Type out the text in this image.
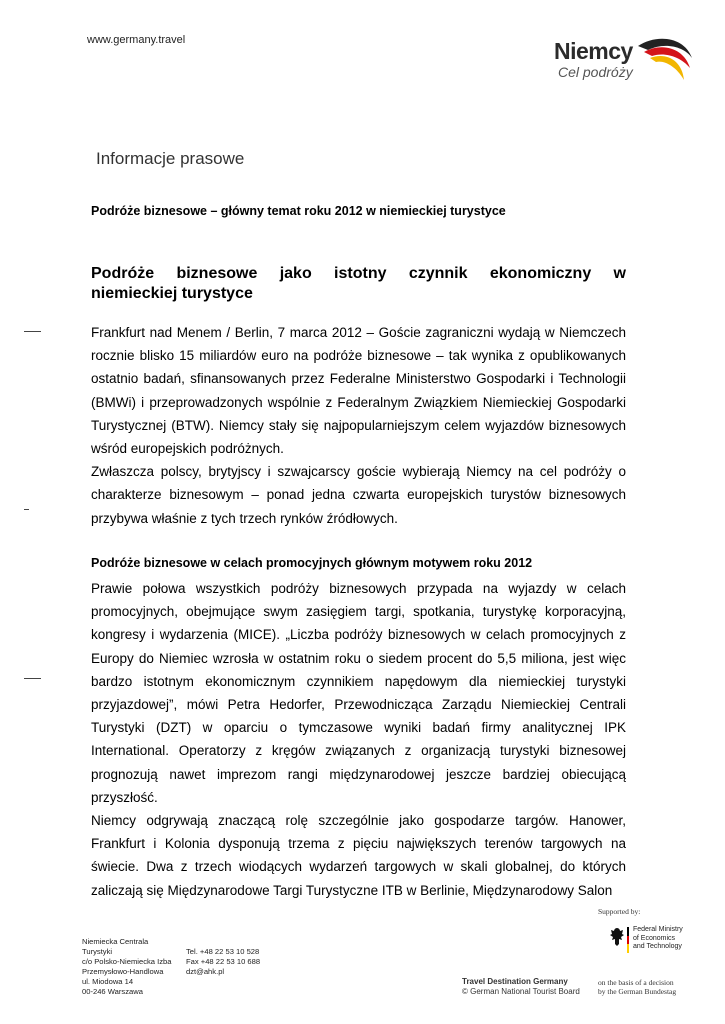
www.germany.travel	Niemcy
Cel podróży
Informacje prasowe
Podróże biznesowe – główny temat roku 2012 w niemieckiej turystyce
Podróże biznesowe jako istotny czynnik ekonomiczny w
niemieckiej turystyce
Frankfurt nad Menem / Berlin, 7 marca 2012 – Goście zagraniczni wydają w Niemczech rocznie blisko 15 miliardów euro na podróże biznesowe – tak wynika z opublikowanych ostatnio badań, sfinansowanych przez Federalne Ministerstwo Gospodarki i Technologii (BMWi) i przeprowadzonych wspólnie z Federalnym Związkiem Niemieckiej Gospodarki Turystycznej (BTW). Niemcy stały się najpopularniejszym celem wyjazdów biznesowych wśród europejskich podróżnych.
Zwłaszcza polscy, brytyjscy i szwajcarscy goście wybierają Niemcy na cel podróży o charakterze biznesowym – ponad jedna czwarta europejskich turystów biznesowych przybywa właśnie z tych trzech rynków źródłowych.
Podróże biznesowe w celach promocyjnych głównym motywem roku 2012
Prawie połowa wszystkich podróży biznesowych przypada na wyjazdy w celach promocyjnych, obejmujące swym zasięgiem targi, spotkania, turystykę korporacyjną, kongresy i wydarzenia (MICE). „Liczba podróży biznesowych w celach promocyjnych z Europy do Niemiec wzrosła w ostatnim roku o siedem procent do 5,5 miliona, jest więc bardzo istotnym ekonomicznym czynnikiem napędowym dla niemieckiej turystyki przyjazdowej”, mówi Petra Hedorfer, Przewodnicząca Zarządu Niemieckiej Centrali Turystyki (DZT) w oparciu o tymczasowe wyniki badań firmy analitycznej IPK International. Operatorzy z kręgów związanych z organizacją turystyki biznesowej prognozują nawet imprezom rangi międzynarodowej jeszcze bardziej obiecującą przyszłość.
Niemcy odgrywają znaczącą rolę szczególnie jako gospodarze targów. Hanower, Frankfurt i Kolonia dysponują trzema z pięciu największych terenów targowych na świecie. Dwa z trzech wiodących wydarzeń targowych w skali globalnej, do których zaliczają się Międzynarodowe Targi Turystyczne ITB w Berlinie, Międzynarodowy Salon
Niemiecka Centrala
Turystyki
c/o Polsko-Niemiecka Izba
Przemysłowo-Handlowa
ul. Miodowa 14
00-246 Warszawa
Tel. +48 22 53 10 528
Fax +48 22 53 10 688
dzt@ahk.pl
Travel Destination Germany
© German National Tourist Board
Supported by:
Federal Ministry
of Economics
and Technology
on the basis of a decision
by the German Bundestag
